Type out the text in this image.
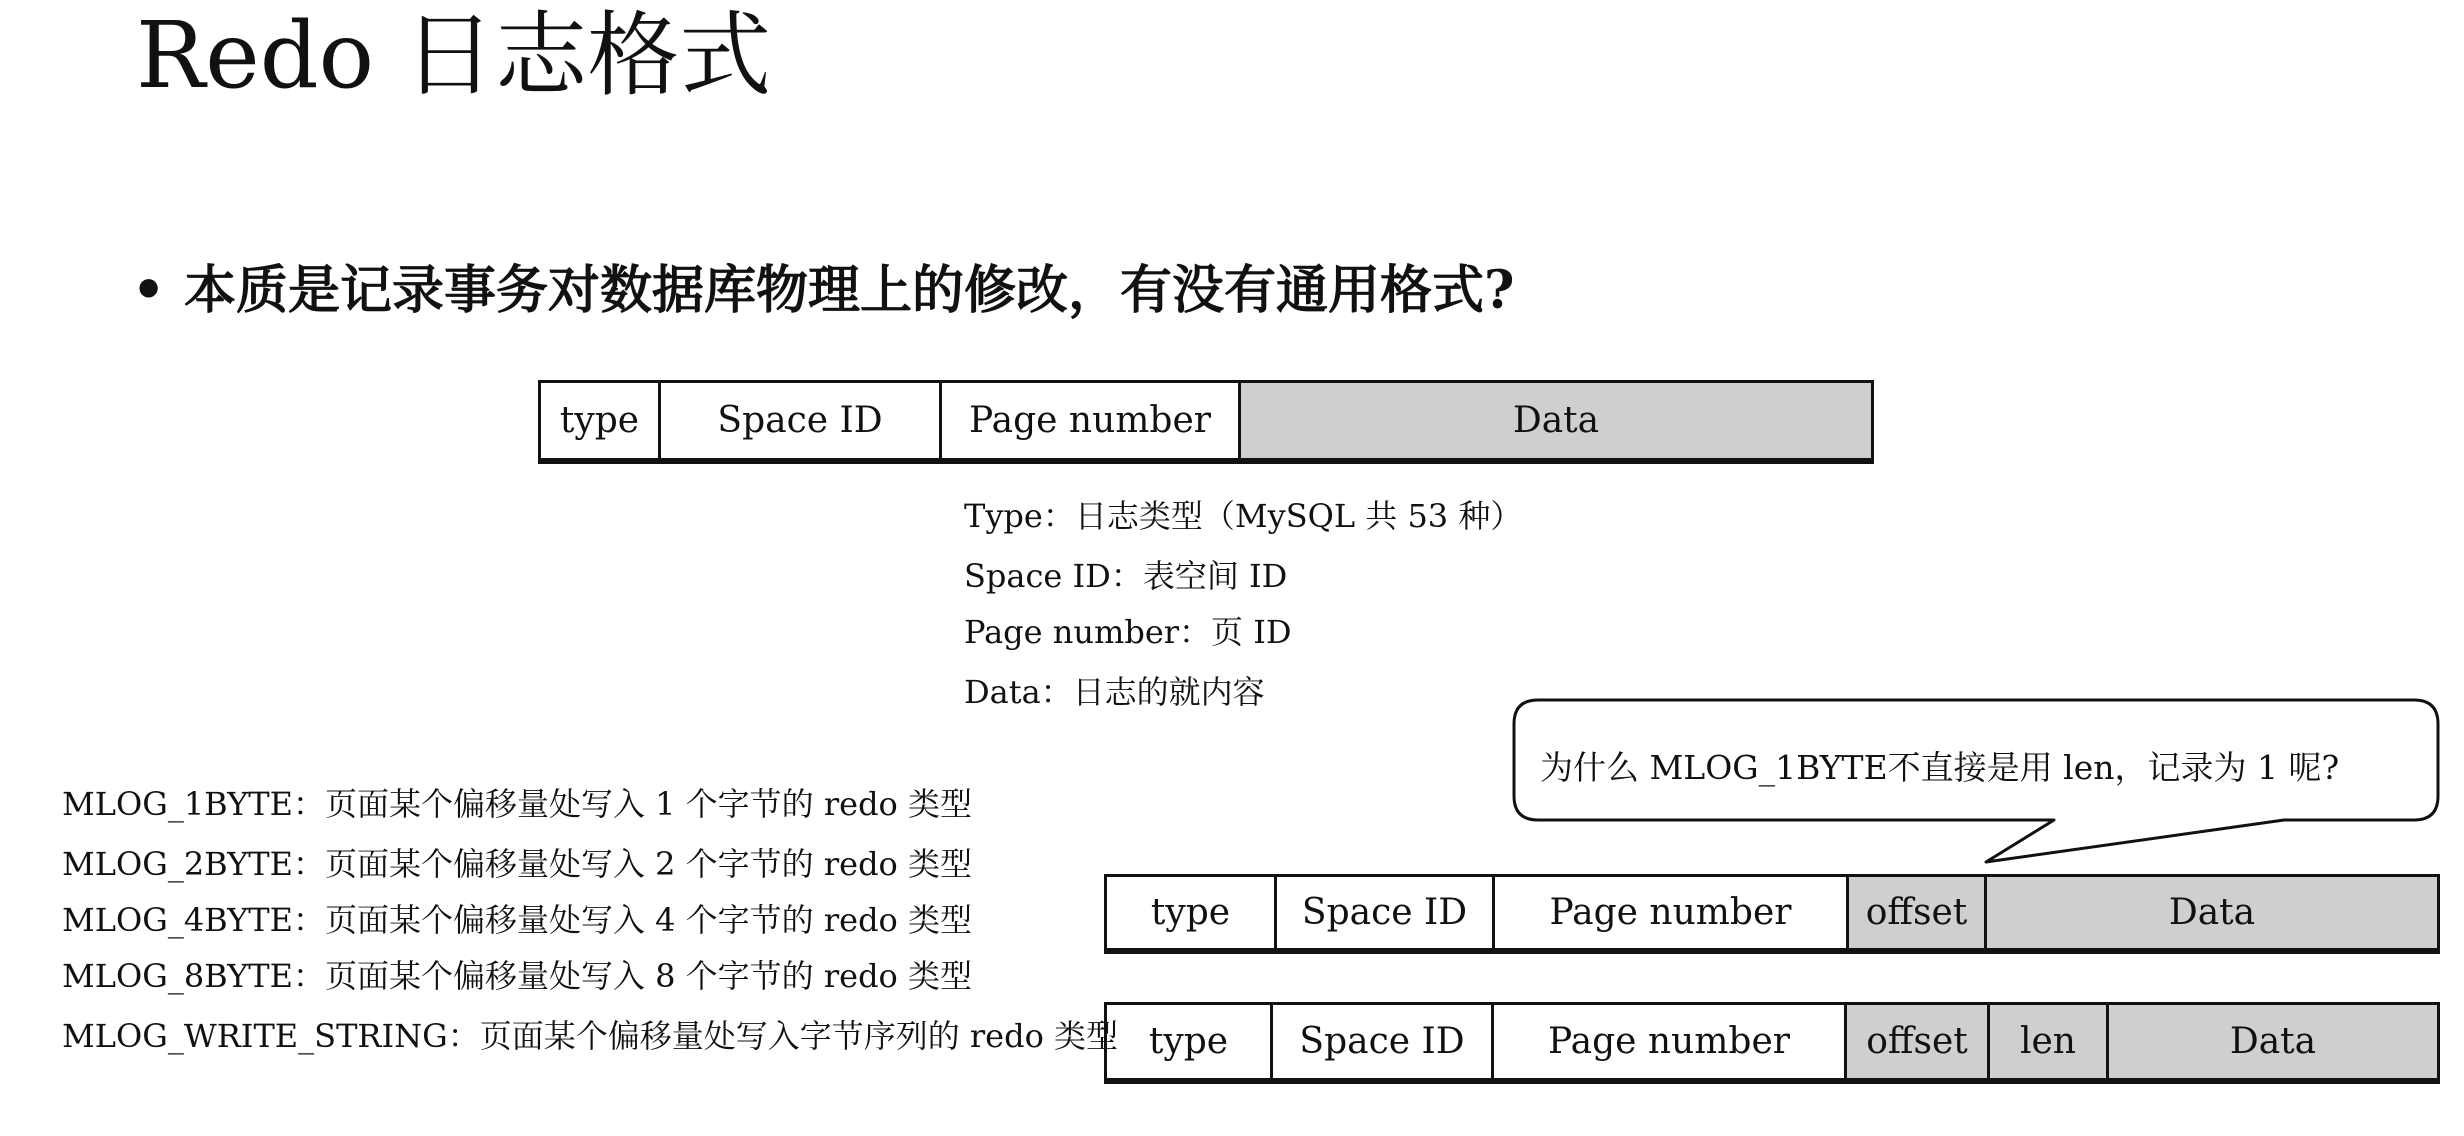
Redo 日志格式
• 本质是记录事务对数据库物理上的修改，有没有通用格式?
type	Space ID	Page number	Data
Type：日志类型（MySQL 共 53 种）
Space ID：表空间 ID
Page number：页 ID
Data：日志的就内容
MLOG_1BYTE：页面某个偏移量处写入 1 个字节的 redo 类型
MLOG_2BYTE：页面某个偏移量处写入 2 个字节的 redo 类型
MLOG_4BYTE：页面某个偏移量处写入 4 个字节的 redo 类型
MLOG_8BYTE：页面某个偏移量处写入 8 个字节的 redo 类型
MLOG_WRITE_STRING：页面某个偏移量处写入字节序列的 redo 类型
为什么 MLOG_1BYTE不直接是用 len，记录为 1 呢?
type	Space ID	Page number	offset	Data
type	Space ID	Page number	offset	len	Data
